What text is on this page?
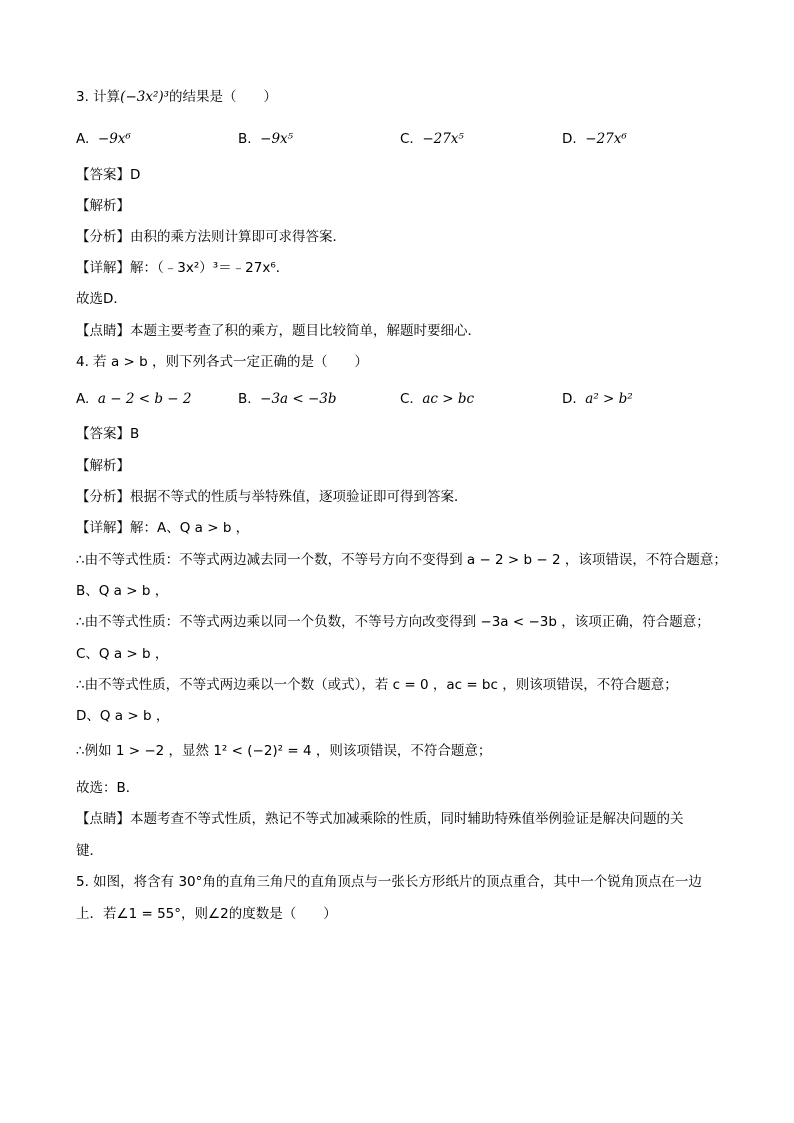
3. 计算(−3x²)³的结果是（　　）
A. −9x⁶	B. −9x⁵	C. −27x⁵	D. −27x⁶
【答案】D
【解析】
【分析】由积的乘方法则计算即可求得答案．
【详解】解：（﹣3x²）³＝﹣27x⁶．
故选D．
【点睛】本题主要考查了积的乘方，题目比较简单，解题时要细心．
4. 若 a > b ，则下列各式一定正确的是（　　）
A. a − 2 < b − 2	B. −3a < −3b	C. ac > bc	D. a² > b²
【答案】B
【解析】
【分析】根据不等式的性质与举特殊值，逐项验证即可得到答案．
【详解】解：A、Q a > b ，
∴由不等式性质：不等式两边减去同一个数，不等号方向不变得到 a − 2 > b − 2 ，该项错误，不符合题意；
B、Q a > b ，
∴由不等式性质：不等式两边乘以同一个负数，不等号方向改变得到 −3a < −3b ，该项正确，符合题意；
C、Q a > b ，
∴由不等式性质，不等式两边乘以一个数（或式），若 c = 0 ，ac = bc ，则该项错误，不符合题意；
D、Q a > b ，
∴例如 1 > −2 ，显然 1² < (−2)² = 4 ，则该项错误，不符合题意；
故选：B．
【点睛】本题考查不等式性质，熟记不等式加减乘除的性质，同时辅助特殊值举例验证是解决问题的关
键．
5. 如图，将含有 30°角的直角三角尺的直角顶点与一张长方形纸片的顶点重合，其中一个锐角顶点在一边
上．若∠1 = 55°，则∠2的度数是（　　）
